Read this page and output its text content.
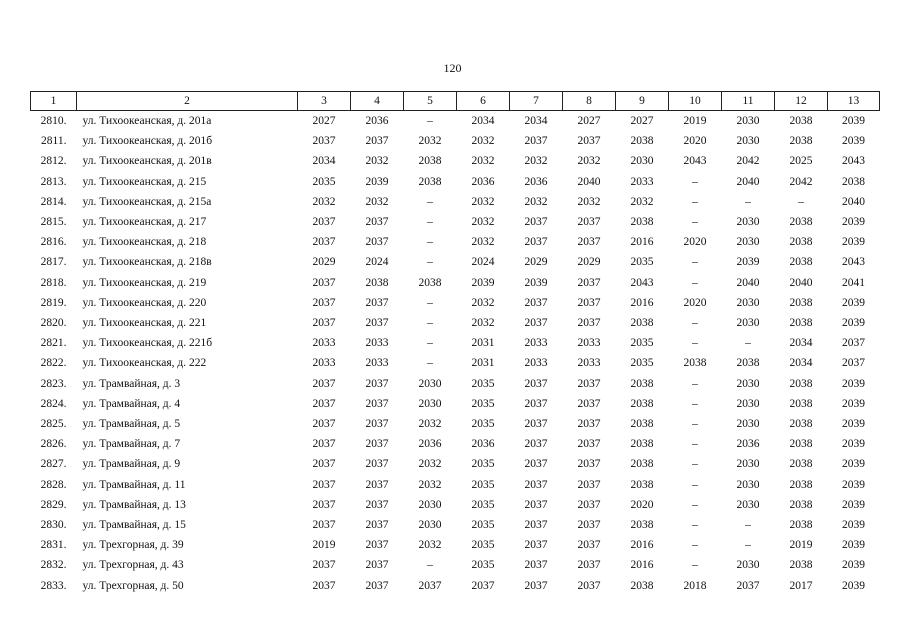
120
1	2	3	4	5	6	7	8	9	10	11	12	13
2810.	ул. Тихоокеанская, д. 201а	2027	2036	–	2034	2034	2027	2027	2019	2030	2038	2039
2811.	ул. Тихоокеанская, д. 201б	2037	2037	2032	2032	2037	2037	2038	2020	2030	2038	2039
2812.	ул. Тихоокеанская, д. 201в	2034	2032	2038	2032	2032	2032	2030	2043	2042	2025	2043
2813.	ул. Тихоокеанская, д. 215	2035	2039	2038	2036	2036	2040	2033	–	2040	2042	2038
2814.	ул. Тихоокеанская, д. 215а	2032	2032	–	2032	2032	2032	2032	–	–	–	2040
2815.	ул. Тихоокеанская, д. 217	2037	2037	–	2032	2037	2037	2038	–	2030	2038	2039
2816.	ул. Тихоокеанская, д. 218	2037	2037	–	2032	2037	2037	2016	2020	2030	2038	2039
2817.	ул. Тихоокеанская, д. 218в	2029	2024	–	2024	2029	2029	2035	–	2039	2038	2043
2818.	ул. Тихоокеанская, д. 219	2037	2038	2038	2039	2039	2037	2043	–	2040	2040	2041
2819.	ул. Тихоокеанская, д. 220	2037	2037	–	2032	2037	2037	2016	2020	2030	2038	2039
2820.	ул. Тихоокеанская, д. 221	2037	2037	–	2032	2037	2037	2038	–	2030	2038	2039
2821.	ул. Тихоокеанская, д. 221б	2033	2033	–	2031	2033	2033	2035	–	–	2034	2037
2822.	ул. Тихоокеанская, д. 222	2033	2033	–	2031	2033	2033	2035	2038	2038	2034	2037
2823.	ул. Трамвайная, д. 3	2037	2037	2030	2035	2037	2037	2038	–	2030	2038	2039
2824.	ул. Трамвайная, д. 4	2037	2037	2030	2035	2037	2037	2038	–	2030	2038	2039
2825.	ул. Трамвайная, д. 5	2037	2037	2032	2035	2037	2037	2038	–	2030	2038	2039
2826.	ул. Трамвайная, д. 7	2037	2037	2036	2036	2037	2037	2038	–	2036	2038	2039
2827.	ул. Трамвайная, д. 9	2037	2037	2032	2035	2037	2037	2038	–	2030	2038	2039
2828.	ул. Трамвайная, д. 11	2037	2037	2032	2035	2037	2037	2038	–	2030	2038	2039
2829.	ул. Трамвайная, д. 13	2037	2037	2030	2035	2037	2037	2020	–	2030	2038	2039
2830.	ул. Трамвайная, д. 15	2037	2037	2030	2035	2037	2037	2038	–	–	2038	2039
2831.	ул. Трехгорная, д. 39	2019	2037	2032	2035	2037	2037	2016	–	–	2019	2039
2832.	ул. Трехгорная, д. 43	2037	2037	–	2035	2037	2037	2016	–	2030	2038	2039
2833.	ул. Трехгорная, д. 50	2037	2037	2037	2037	2037	2037	2038	2018	2037	2017	2039
